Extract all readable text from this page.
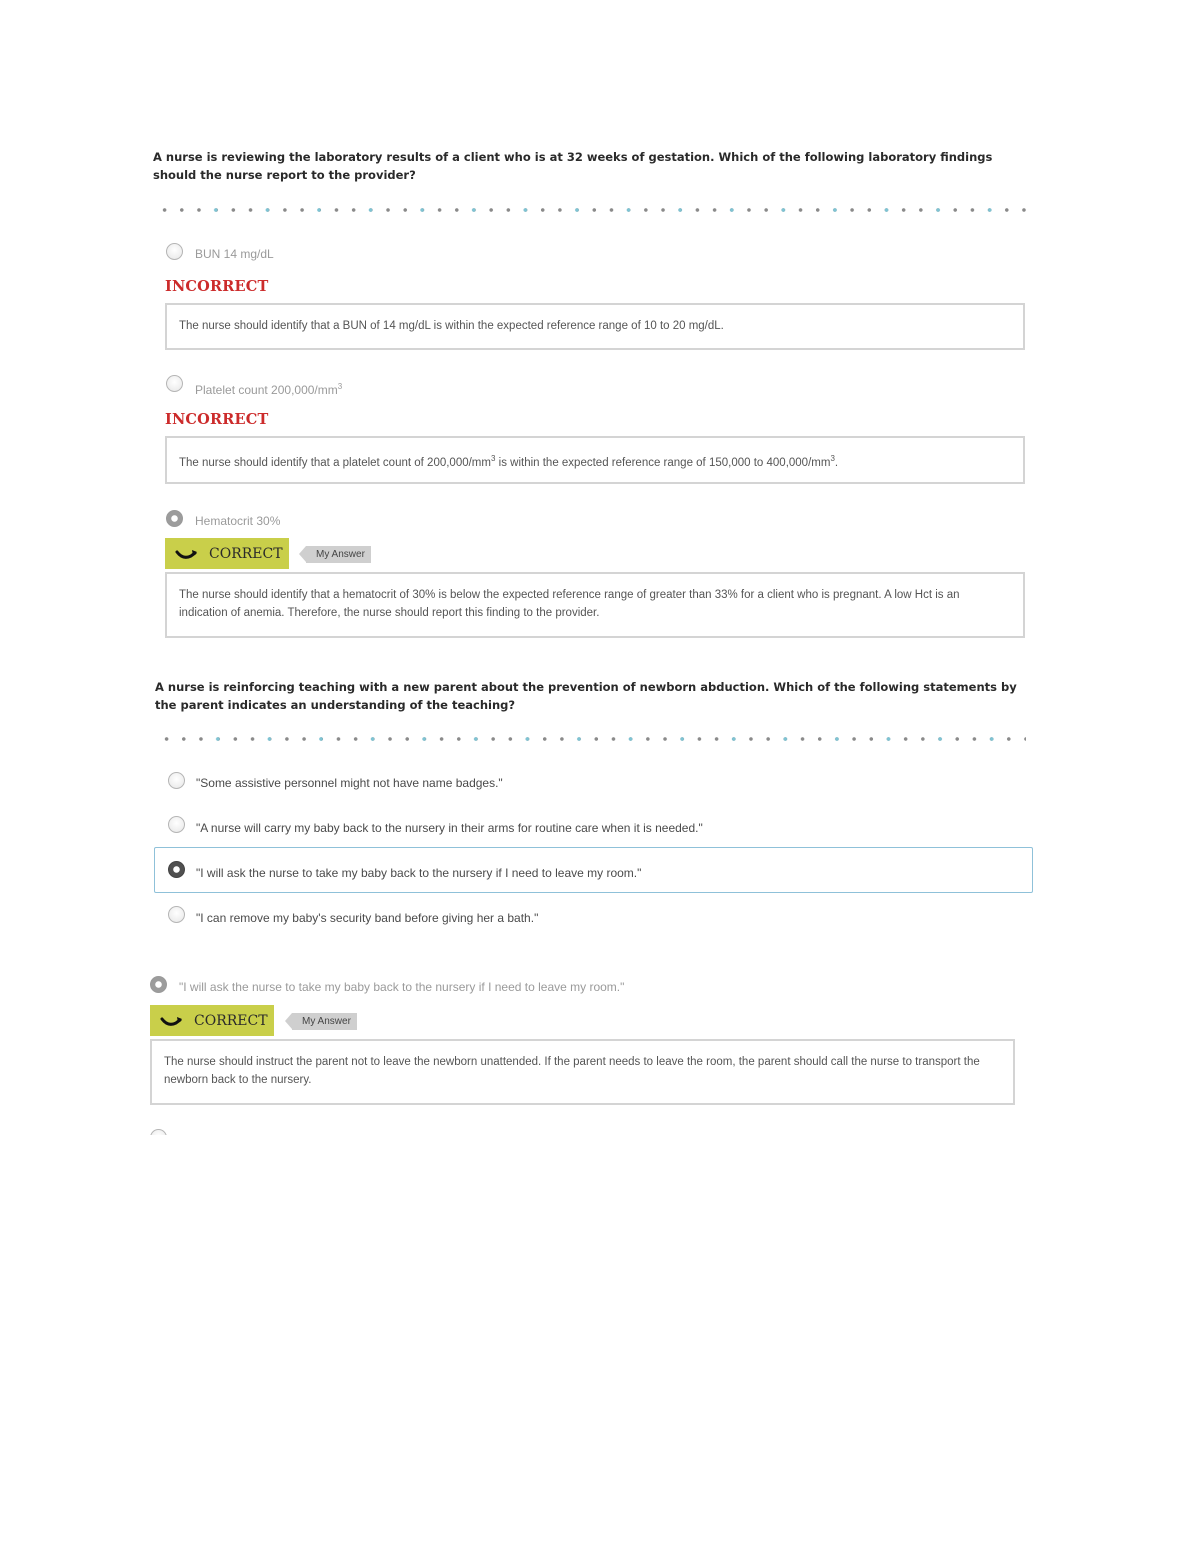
A nurse is reviewing the laboratory results of a client who is at 32 weeks of gestation. Which of the following laboratory findings should the nurse report to the provider?
BUN 14 mg/dL
INCORRECT
The nurse should identify that a BUN of 14 mg/dL is within the expected reference range of 10 to 20 mg/dL.
Platelet count $200,000/mm^3$
INCORRECT
The nurse should identify that a platelet count of $200,000/mm^3$ is within the expected reference range of 150,000 to $400,000/mm^3$.
Hematocrit 30%
CORRECT	My Answer
The nurse should identify that a hematocrit of 30% is below the expected reference range of greater than 33% for a client who is pregnant. A low Hct is an indication of anemia. Therefore, the nurse should report this finding to the provider.
A nurse is reinforcing teaching with a new parent about the prevention of newborn abduction. Which of the following statements by the parent indicates an understanding of the teaching?
"Some assistive personnel might not have name badges."
"A nurse will carry my baby back to the nursery in their arms for routine care when it is needed."
"I will ask the nurse to take my baby back to the nursery if I need to leave my room."
"I can remove my baby's security band before giving her a bath."
"I will ask the nurse to take my baby back to the nursery if I need to leave my room."
CORRECT	My Answer
The nurse should instruct the parent not to leave the newborn unattended. If the parent needs to leave the room, the parent should call the nurse to transport the newborn back to the nursery.
